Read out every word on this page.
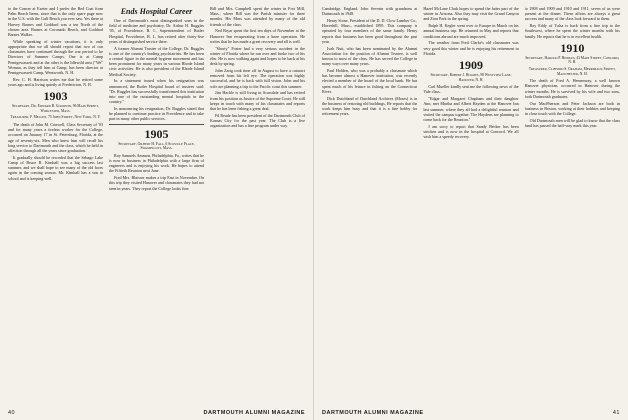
to the Cancer at Exeter and I prefer the Red Coat from Palm Beach Items, since that is the only spare page now in the U.S. with the Gulf Beach you ever saw. Yes there at Harvey Barnes and Goddard was a ten North of the chosen area. Barnes at Coronado Beach, and Goddard Barnes Walker.

While speaking of winter vacations, it is only appropriate that we all should report that two of our classmates have continued through the war period to be Directors of Summer Camps. One is at Camp Pemigewassett and at the other is the Idlewild area ("We" Woman, as they tell him at Camp, has been director at Pemigewassett Camp, Wentworth, N. H.

Rev. C. H. Harrison writes me that he retired some years ago and is living quietly at Fredericton, N. B.

1903
Secretary, Dr. Edward R. Goodwin, 96 Main Street, Worcester, Mass.
Treasurer, F. Mellen, 75 John Street, New York, N. Y.

The death of John M. Conwell, Class Secretary of '03 and for many years a tireless worker for the College, occurred on January 17 in St. Petersburg, Florida, at the age of seventy-six. Men who knew him will recall his long service to Dartmouth and the class, which he held in affection through all the years since graduation.

It gradually should be recorded that the Sebago Lake Camp of Bruce R. Kimball was a big success last summer, and we shall hope to see many of the old faces again in the coming season. Mr. Kimball has a son in school and is keeping well.

Ends Hospital Career

One of Dartmouth's most distinguished sons in the field of medicine and psychiatry, Dr. Arthur H. Ruggles '05, of Providence, R. I., Superintendent of Butler Hospital, Providence, R. I., has retired after thirty-five years of distinguished service there.

A former Alumni Trustee of the College, Dr. Ruggles is one of the country's leading psychiatrists. He has been a central figure in the mental hygiene movement and has been prominent for many years in various Rhode Island civic activities. He is also president of the Rhode Island Medical Society.

In a statement issued when his resignation was announced, the Butler Hospital board of trustees said: "Dr. Ruggles has successfully transformed this institution into one of the outstanding mental hospitals in the country."

In announcing his resignation, Dr. Ruggles stated that he planned to continue practice in Providence and to take part in many other public services.

1905
Secretary, Gilbert H. Fall, 6 Scoville Place, Swampscott, Mass.

Roy Samuels Ammon, Philadelphia, Pa., writes that he is now in business in Philadelphia with a large firm of engineers and is enjoying his work. He hopes to attend the Fiftieth Reunion next June.

Fred Mrs. Blaisser makes a trip East in November. On this trip they visited Hanover and classmates they had not seen in years. They report the College looks fine.

Bill and Mrs. Campbell spent the winter in Fort Mill, Mass., where Bill was the Parish minister for three months. His Mass was attended by many of the old friends of the class.

Ned Bryar spent the first ten days of November at the Hanover Inn recuperating from a knee operation. He writes that he has made a great recovery and all is well.

"Shorty" Foster had a very serious accident in the winter of Florida where he ran over and broke two of his ribs. He is now walking again and hopes to be back at his desk by spring.

John Zarig took time off in August to have a cataract removed from his left eye. The operation was highly successful, and he is back with full vision. John and his wife are planning a trip to the Pacific coast this summer.

Jim Hackle is still living in Scarsdale and has retired from his position as Justice of the Supreme Court. He still keeps in touch with many of his classmates and reports that he has been fishing a great deal.

Fd Reade has been president of the Dartmouth Club of Kansas City for the past year. The Club is a live organization and has a fine program under way.

40	DARTMOUTH ALUMNI MAGAZINE

Cambridge, England. John Severin with grandsons at Dartmouth in 1948.

Henry Stone, President of the D. D. Clow Lumber Co., Haverhill, Mass., established 1895. This company is operated by four members of the same family. Henry reports that business has been good throughout the past year.

Ivah Nutt, who has been nominated by the Alumni Association for the position of Alumni Trustee, is well known to most of the class. He has served the College in many ways over many years.

Paul Holden, who was a probably a classmate which has become almost a Hanover institution, was recently elected a member of the board of the local bank. He has spent much of his leisure in fishing on the Connecticut River.

Dick Dutchland of Dutchland Archives (Moses) is in the business of restoring old buildings. He reports that the work keeps him busy and that it is a fine hobby for retirement years.

Hazel McLane Clark hopes to spend the latter part of the winter in Arizona. Also they may visit the Grand Canyon and Zion Park in the spring.

Ralph H. Kegler went over to Europe in March on his annual business trip. He returned in May and reports that conditions abroad are much improved.

The weather from Fred Clarke's old classmates was very good this winter and he is enjoying his retirement in Florida.

1909
Secretary, Robert J. Holmes, 98 Westview Lane, Hanover, N. H.

Carl Mueller kindly sent me the following news of the Vale class.

"Edgar and Margaret Chapham and their daughter Ann, met Martha and Albert Hayden at the Hanover Inn last summer, where they all had a delightful reunion and visited the campus together. The Haydens are planning to come back for the Reunion."

I am sorry to report that Sandy Becker has been stricken and is now in the hospital at Concord. We all wish him a speedy recovery.

to 1908 and 1909 and 1910 and 1911, seven of us were present at the dinner. These affairs are always a great success and many of the class look forward to them.

Ray Eddy of Tulsa is back from a fine trip to the Southwest, where he spent the winter months with his family. He reports that he is in excellent health.

1910
Secretary, Harold P. Hinman, 43 Main Street, Concord, N. H.
Treasurer, Clifford S. Graham, Merrimack Street, Manchester, N. H.

The death of Fred A. Hemenway, a well known Hanover physician, occurred in Hanover during the winter months. He is survived by his wife and two sons, both Dartmouth graduates.

Our MacPherson and Peter Jackson are both in business in Boston, working at their hobbies and keeping in close touch with the College.

Old Dartmouth men will be glad to know that the class fund has passed the half-way mark this year.

DARTMOUTH ALUMNI MAGAZINE	41
